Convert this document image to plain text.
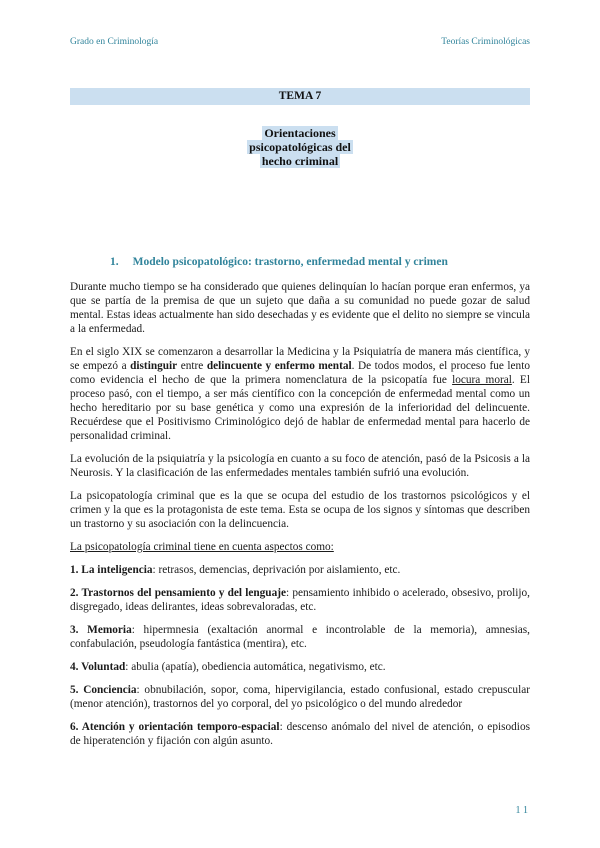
Grado en Criminología	Teorías Criminológicas
TEMA 7
Orientaciones
psicopatológicas del
hecho criminal
1. Modelo psicopatológico: trastorno, enfermedad mental y crimen

Durante mucho tiempo se ha considerado que quienes delinquían lo hacían porque eran enfermos, ya que se partía de la premisa de que un sujeto que daña a su comunidad no puede gozar de salud mental. Estas ideas actualmente han sido desechadas y es evidente que el delito no siempre se vincula a la enfermedad.

En el siglo XIX se comenzaron a desarrollar la Medicina y la Psiquiatría de manera más científica, y se empezó a distinguir entre delincuente y enfermo mental. De todos modos, el proceso fue lento como evidencia el hecho de que la primera nomenclatura de la psicopatía fue locura moral. El proceso pasó, con el tiempo, a ser más científico con la concepción de enfermedad mental como un hecho hereditario por su base genética y como una expresión de la inferioridad del delincuente. Recuérdese que el Positivismo Criminológico dejó de hablar de enfermedad mental para hacerlo de personalidad criminal.

La evolución de la psiquiatría y la psicología en cuanto a su foco de atención, pasó de la Psicosis a la Neurosis. Y la clasificación de las enfermedades mentales también sufrió una evolución.

La psicopatología criminal que es la que se ocupa del estudio de los trastornos psicológicos y el crimen y la que es la protagonista de este tema. Esta se ocupa de los signos y síntomas que describen un trastorno y su asociación con la delincuencia.

La psicopatología criminal tiene en cuenta aspectos como:

1. La inteligencia: retrasos, demencias, deprivación por aislamiento, etc.

2. Trastornos del pensamiento y del lenguaje: pensamiento inhibido o acelerado, obsesivo, prolijo, disgregado, ideas delirantes, ideas sobrevaloradas, etc.

3. Memoria: hipermnesia (exaltación anormal e incontrolable de la memoria), amnesias, confabulación, pseudología fantástica (mentira), etc.

4. Voluntad: abulia (apatía), obediencia automática, negativismo, etc.

5. Conciencia: obnubilación, sopor, coma, hipervigilancia, estado confusional, estado crepuscular (menor atención), trastornos del yo corporal, del yo psicológico o del mundo alrededor

6. Atención y orientación temporo-espacial: descenso anómalo del nivel de atención, o episodios de hiperatención y fijación con algún asunto.

1 1
